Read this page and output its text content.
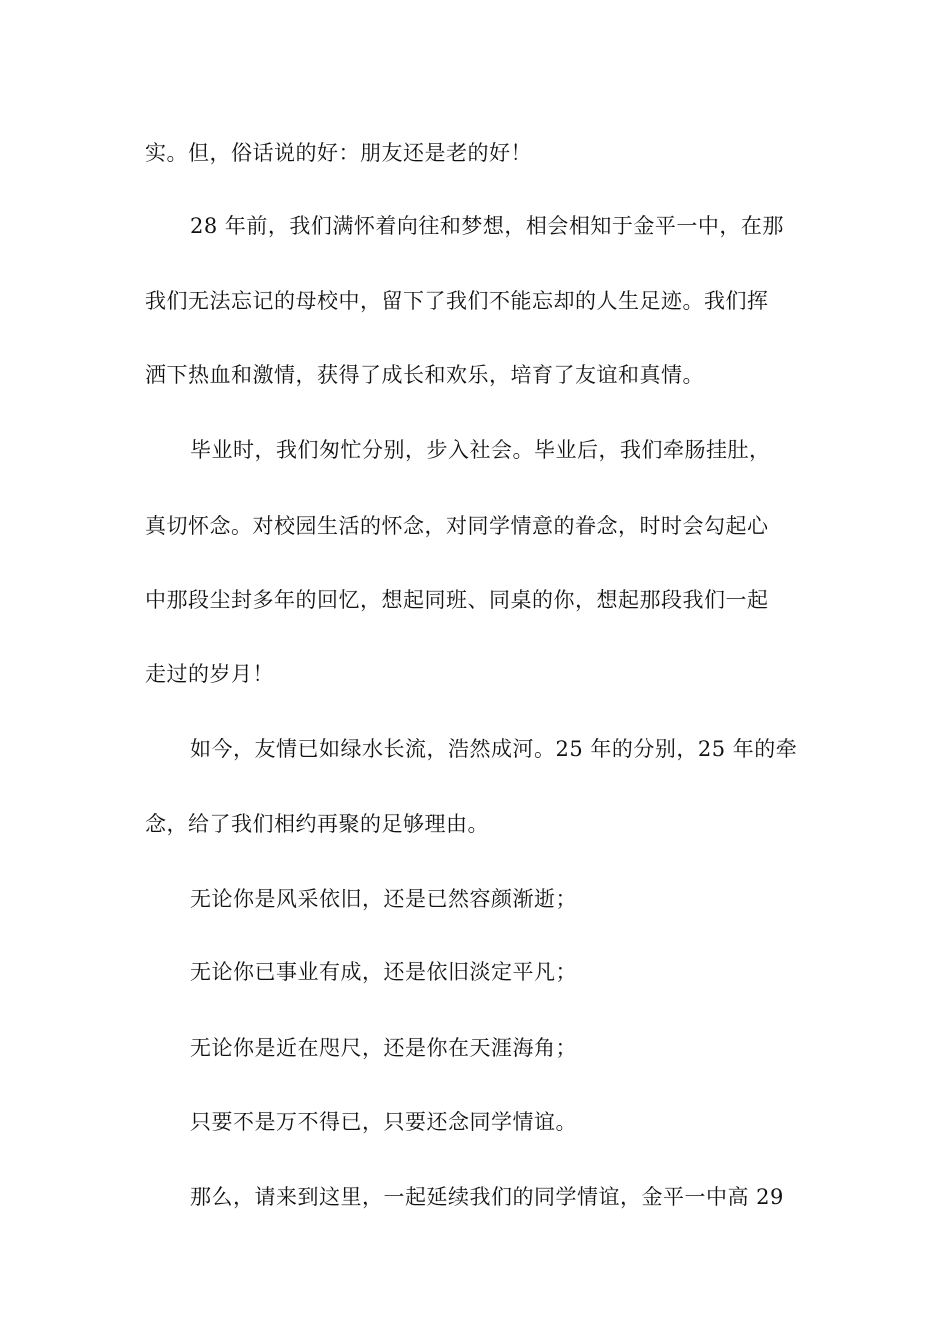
实。但，俗话说的好：朋友还是老的好！
28 年前，我们满怀着向往和梦想，相会相知于金平一中，在那
我们无法忘记的母校中，留下了我们不能忘却的人生足迹。我们挥
洒下热血和激情，获得了成长和欢乐，培育了友谊和真情。
毕业时，我们匆忙分别，步入社会。毕业后，我们牵肠挂肚，
真切怀念。对校园生活的怀念，对同学情意的眷念，时时会勾起心
中那段尘封多年的回忆，想起同班、同桌的你，想起那段我们一起
走过的岁月！
如今，友情已如绿水长流，浩然成河。25 年的分别，25 年的牵
念，给了我们相约再聚的足够理由。
无论你是风采依旧，还是已然容颜渐逝；
无论你已事业有成，还是依旧淡定平凡；
无论你是近在咫尺，还是你在天涯海角；
只要不是万不得已，只要还念同学情谊。
那么，请来到这里，一起延续我们的同学情谊，金平一中高 29
